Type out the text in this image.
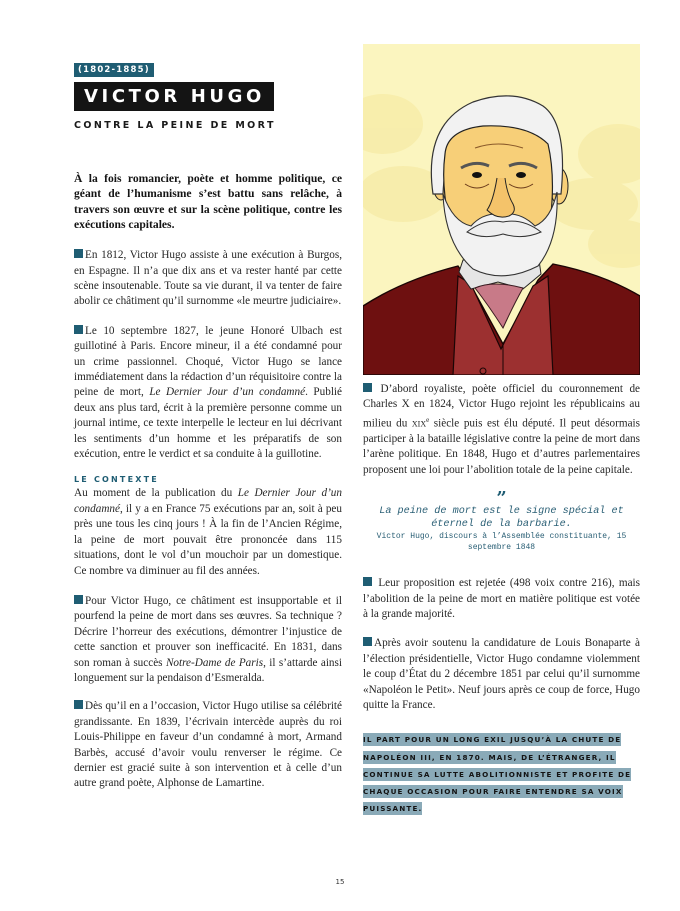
(1802-1885)
VICTOR HUGO
CONTRE LA PEINE DE MORT

À la fois romancier, poète et homme politique, ce géant de l’humanisme s’est battu sans relâche, à travers son œuvre et sur la scène politique, contre les exécutions capitales.

En 1812, Victor Hugo assiste à une exécution à Burgos, en Espagne. Il n’a que dix ans et va rester hanté par cette scène insoutenable. Toute sa vie durant, il va tenter de faire abolir ce châtiment qu’il surnomme «le meurtre judiciaire».

Le 10 septembre 1827, le jeune Honoré Ulbach est guillotiné à Paris. Encore mineur, il a été condamné pour un crime passionnel. Choqué, Victor Hugo se lance immédiatement dans la rédaction d’un réquisitoire contre la peine de mort, Le Dernier Jour d’un condamné. Publié deux ans plus tard, écrit à la première personne comme un journal intime, ce texte interpelle le lecteur en lui décrivant les sentiments d’un homme et les préparatifs de son exécution, entre le verdict et sa conduite à la guillotine.

LE CONTEXTE

Au moment de la publication du Le Dernier Jour d’un condamné, il y a en France 75 exécutions par an, soit à peu près une tous les cinq jours ! À la fin de l’Ancien Régime, la peine de mort pouvait être prononcée dans 115 situations, dont le vol d’un mouchoir par un domestique. Ce nombre va diminuer au fil des années.

Pour Victor Hugo, ce châtiment est insupportable et il pourfend la peine de mort dans ses œuvres. Sa technique ? Décrire l’horreur des exécutions, démontrer l’injustice de cette sanction et prouver son inefficacité. En 1831, dans son roman à succès Notre-Dame de Paris, il s’attarde ainsi longuement sur la pendaison d’Esmeralda.

Dès qu’il en a l’occasion, Victor Hugo utilise sa célébrité grandissante. En 1839, l’écrivain intercède auprès du roi Louis-Philippe en faveur d’un condamné à mort, Armand Barbès, accusé d’avoir voulu renverser le régime. Ce dernier est gracié suite à son intervention et à celle d’un autre grand poète, Alphonse de Lamartine.

D’abord royaliste, poète officiel du couronnement de Charles X en 1824, Victor Hugo rejoint les républicains au milieu du xix$^e$ siècle puis est élu député. Il peut désormais participer à la bataille législative contre la peine de mort dans l’arène politique. En 1848, Hugo et d’autres parlementaires proposent une loi pour l’abolition totale de la peine capitale.

”
La peine de mort est le signe spécial et éternel de la barbarie.
Victor Hugo, discours à l’Assemblée constituante, 15 septembre 1848

Leur proposition est rejetée (498 voix contre 216), mais l’abolition de la peine de mort en matière politique est votée à la grande majorité.

Après avoir soutenu la candidature de Louis Bonaparte à l’élection présidentielle, Victor Hugo condamne violemment le coup d’État du 2 décembre 1851 par celui qu’il surnomme «Napoléon le Petit». Neuf jours après ce coup de force, Hugo quitte la France.

IL PART POUR UN LONG EXIL JUSQU’À LA CHUTE DE NAPOLÉON III, EN 1870. MAIS, DE L’ÉTRANGER, IL CONTINUE SA LUTTE ABOLITIONNISTE ET PROFITE DE CHAQUE OCCASION POUR FAIRE ENTENDRE SA VOIX PUISSANTE.
15
